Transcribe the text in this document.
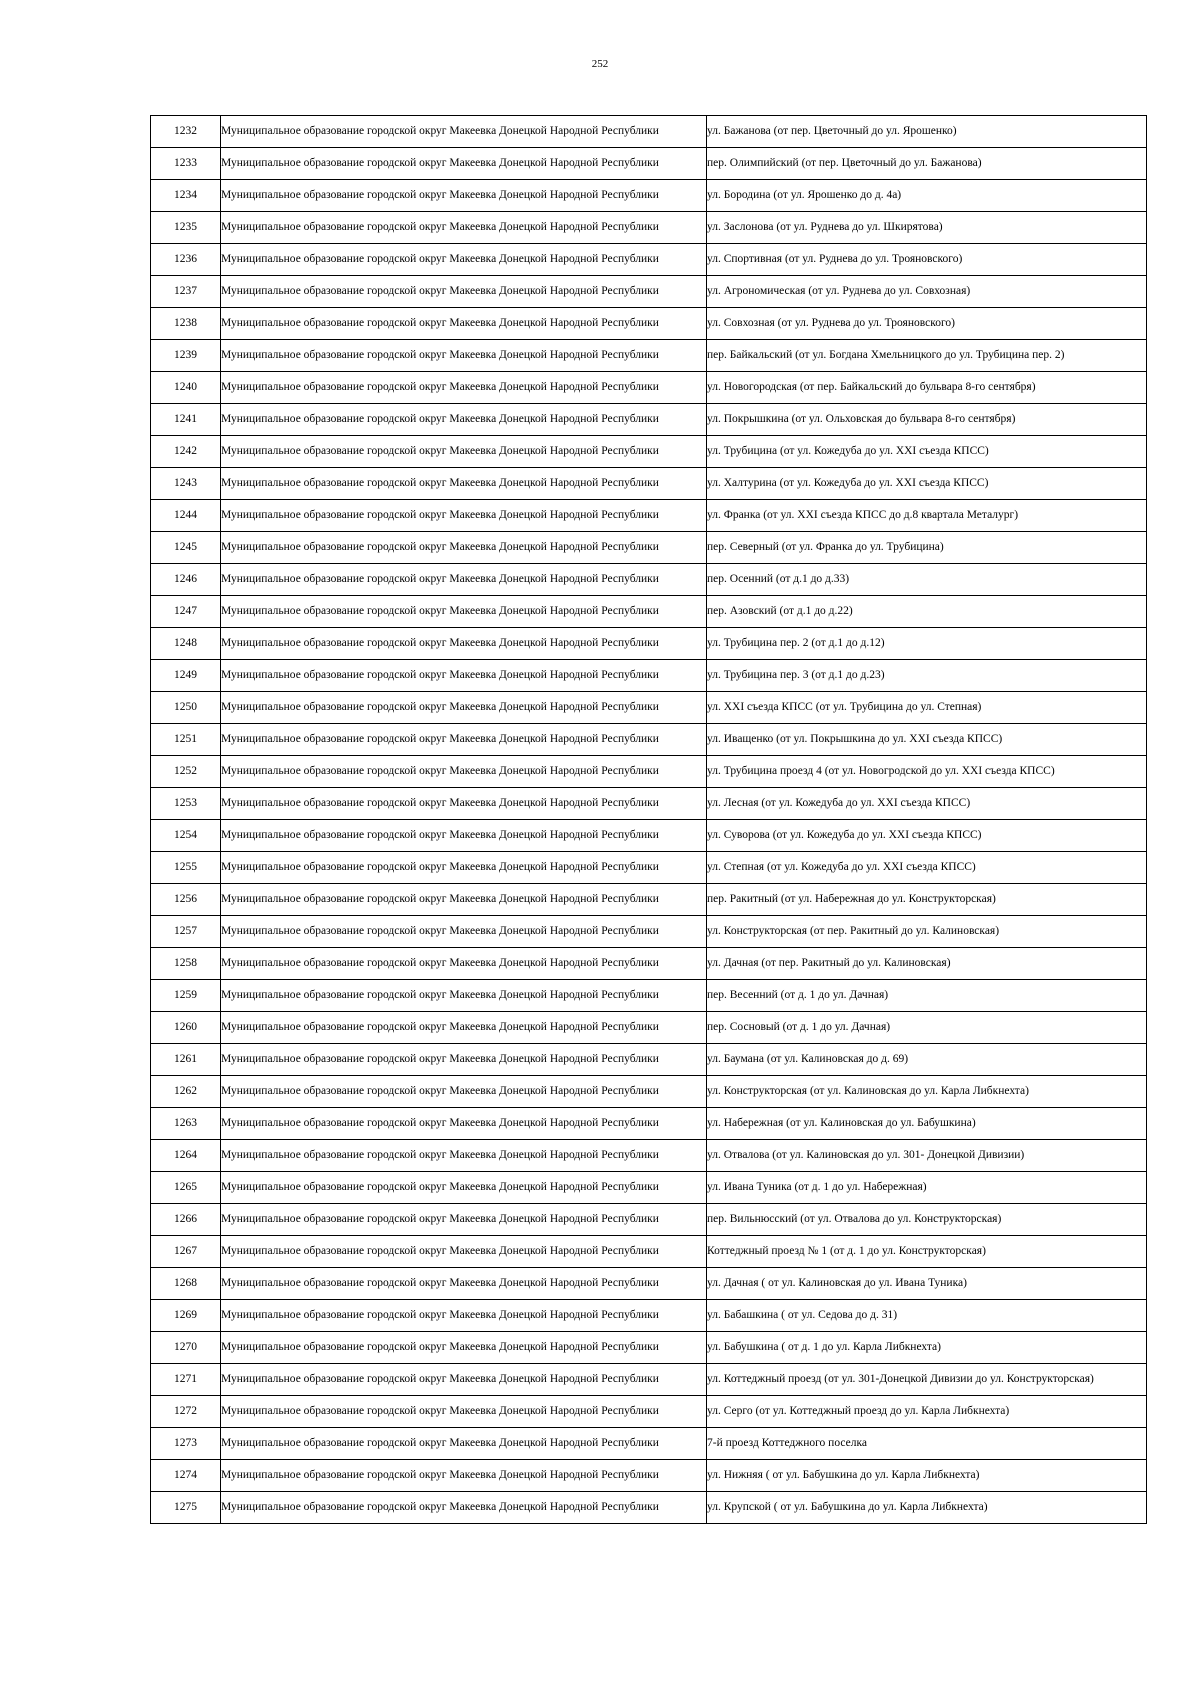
252
1232	Муниципальное образование городской округ Макеевка Донецкой Народной Республики	ул. Бажанова (от пер. Цветочный до ул. Ярошенко)
1233	Муниципальное образование городской округ Макеевка Донецкой Народной Республики	пер. Олимпийский (от пер. Цветочный до ул. Бажанова)
1234	Муниципальное образование городской округ Макеевка Донецкой Народной Республики	ул. Бородина (от ул. Ярошенко до д. 4а)
1235	Муниципальное образование городской округ Макеевка Донецкой Народной Республики	ул. Заслонова (от ул. Руднева до ул. Шкирятова)
1236	Муниципальное образование городской округ Макеевка Донецкой Народной Республики	ул. Спортивная (от ул. Руднева до ул. Трояновского)
1237	Муниципальное образование городской округ Макеевка Донецкой Народной Республики	ул. Агрономическая (от ул. Руднева до ул. Совхозная)
1238	Муниципальное образование городской округ Макеевка Донецкой Народной Республики	ул. Совхозная (от ул. Руднева до ул. Трояновского)
1239	Муниципальное образование городской округ Макеевка Донецкой Народной Республики	пер. Байкальский (от ул. Богдана Хмельницкого до ул. Трубицина пер. 2)
1240	Муниципальное образование городской округ Макеевка Донецкой Народной Республики	ул. Новогородская (от пер. Байкальский до бульвара 8-го сентября)
1241	Муниципальное образование городской округ Макеевка Донецкой Народной Республики	ул. Покрышкина (от ул. Ольховская до бульвара 8-го сентября)
1242	Муниципальное образование городской округ Макеевка Донецкой Народной Республики	ул. Трубицина (от ул. Кожедуба до ул. XXI съезда КПСС)
1243	Муниципальное образование городской округ Макеевка Донецкой Народной Республики	ул. Халтурина (от ул. Кожедуба до ул. XXI съезда КПСС)
1244	Муниципальное образование городской округ Макеевка Донецкой Народной Республики	ул. Франка (от ул. XXI съезда КПСС до д.8 квартала Металург)
1245	Муниципальное образование городской округ Макеевка Донецкой Народной Республики	пер. Северный (от ул. Франка до ул. Трубицина)
1246	Муниципальное образование городской округ Макеевка Донецкой Народной Республики	пер. Осенний (от д.1 до д.33)
1247	Муниципальное образование городской округ Макеевка Донецкой Народной Республики	пер. Азовский (от д.1 до д.22)
1248	Муниципальное образование городской округ Макеевка Донецкой Народной Республики	ул. Трубицина пер. 2 (от д.1 до д.12)
1249	Муниципальное образование городской округ Макеевка Донецкой Народной Республики	ул. Трубицина пер. 3 (от д.1 до д.23)
1250	Муниципальное образование городской округ Макеевка Донецкой Народной Республики	ул. XXI съезда КПСС (от ул. Трубицина до ул. Степная)
1251	Муниципальное образование городской округ Макеевка Донецкой Народной Республики	ул. Иващенко (от ул. Покрышкина до ул. XXI съезда КПСС)
1252	Муниципальное образование городской округ Макеевка Донецкой Народной Республики	ул. Трубицина проезд 4 (от ул. Новогродской до ул. XXI съезда КПСС)
1253	Муниципальное образование городской округ Макеевка Донецкой Народной Республики	ул. Лесная (от ул. Кожедуба до ул. XXI съезда КПСС)
1254	Муниципальное образование городской округ Макеевка Донецкой Народной Республики	ул. Суворова (от ул. Кожедуба до ул. XXI съезда КПСС)
1255	Муниципальное образование городской округ Макеевка Донецкой Народной Республики	ул. Степная (от ул. Кожедуба до ул. XXI съезда КПСС)
1256	Муниципальное образование городской округ Макеевка Донецкой Народной Республики	пер. Ракитный (от ул. Набережная до ул. Конструкторская)
1257	Муниципальное образование городской округ Макеевка Донецкой Народной Республики	ул. Конструкторская (от пер. Ракитный до ул. Калиновская)
1258	Муниципальное образование городской округ Макеевка Донецкой Народной Республики	ул. Дачная (от пер. Ракитный до ул. Калиновская)
1259	Муниципальное образование городской округ Макеевка Донецкой Народной Республики	пер. Весенний (от д. 1 до ул. Дачная)
1260	Муниципальное образование городской округ Макеевка Донецкой Народной Республики	пер. Сосновый (от д. 1 до ул. Дачная)
1261	Муниципальное образование городской округ Макеевка Донецкой Народной Республики	ул. Баумана (от ул. Калиновская до д. 69)
1262	Муниципальное образование городской округ Макеевка Донецкой Народной Республики	ул. Конструкторская (от ул. Калиновская до ул. Карла Либкнехта)
1263	Муниципальное образование городской округ Макеевка Донецкой Народной Республики	ул. Набережная (от ул. Калиновская до ул. Бабушкина)
1264	Муниципальное образование городской округ Макеевка Донецкой Народной Республики	ул. Отвалова (от ул. Калиновская до ул. 301- Донецкой Дивизии)
1265	Муниципальное образование городской округ Макеевка Донецкой Народной Республики	ул. Ивана Туника (от д. 1 до ул. Набережная)
1266	Муниципальное образование городской округ Макеевка Донецкой Народной Республики	пер. Вильнюсский (от ул. Отвалова до ул. Конструкторская)
1267	Муниципальное образование городской округ Макеевка Донецкой Народной Республики	Коттеджный проезд № 1 (от д. 1 до ул. Конструкторская)
1268	Муниципальное образование городской округ Макеевка Донецкой Народной Республики	ул. Дачная ( от ул. Калиновская до ул. Ивана Туника)
1269	Муниципальное образование городской округ Макеевка Донецкой Народной Республики	ул. Бабашкина ( от ул. Седова до д. 31)
1270	Муниципальное образование городской округ Макеевка Донецкой Народной Республики	ул. Бабушкина ( от д. 1 до ул. Карла Либкнехта)
1271	Муниципальное образование городской округ Макеевка Донецкой Народной Республики	ул. Коттеджный проезд (от ул. 301-Донецкой Дивизии до ул. Конструкторская)
1272	Муниципальное образование городской округ Макеевка Донецкой Народной Республики	ул. Серго (от ул. Коттеджный проезд до ул. Карла Либкнехта)
1273	Муниципальное образование городской округ Макеевка Донецкой Народной Республики	7-й проезд Коттеджного поселка
1274	Муниципальное образование городской округ Макеевка Донецкой Народной Республики	ул. Нижняя ( от ул. Бабушкина до ул. Карла Либкнехта)
1275	Муниципальное образование городской округ Макеевка Донецкой Народной Республики	ул. Крупской ( от ул. Бабушкина до ул. Карла Либкнехта)
